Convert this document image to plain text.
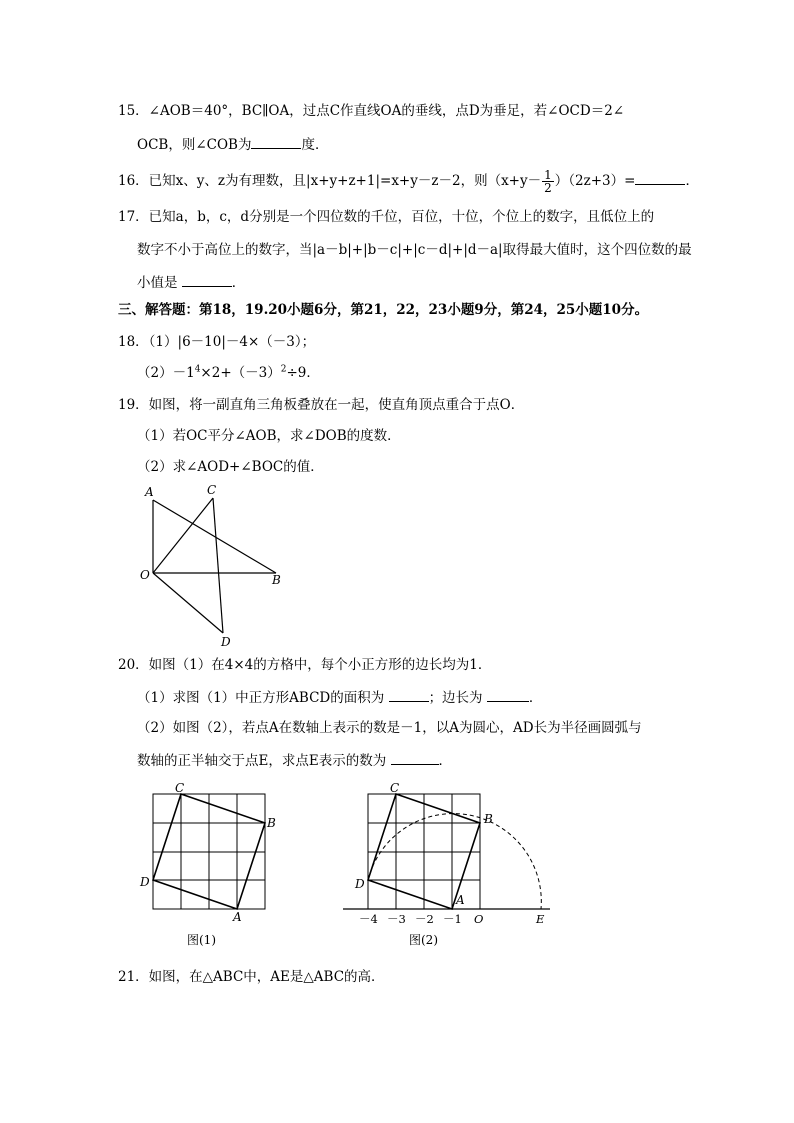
15．∠AOB＝40°，BC∥OA，过点C作直线OA的垂线，点D为垂足，若∠OCD＝2∠
OCB，则∠COB为	度．
16．已知x、y、z为有理数，且|x+y+z+1|=x+y－z－2，则$(x+y- \frac{1}{2} )(2z+3)=$	．
17．已知a，b，c，d分别是一个四位数的千位，百位，十位，个位上的数字，且低位上的
数字不小于高位上的数字，当|a－b|+|b－c|+|c－d|+|d－a|取得最大值时，这个四位数的最
小值是	．
三、解答题：第18，19.20小题6分，第21，22，23小题9分，第24，25小题10分。
18．（1）|6－10|－4×（－3）；
$(2)-1^4\times 2+(-3)^2\div 9$．
19．如图，将一副直角三角板叠放在一起，使直角顶点重合于点O．
（1）若OC平分∠AOB，求∠DOB的度数．
（2）求∠AOD+∠BOC的值．
A	C
O	B
D
20．如图（1）在4×4的方格中，每个小正方形的边长均为1．
（1）求图（1）中正方形ABCD的面积为	；边长为	．
（2）如图（2），若点A在数轴上表示的数是－1，以A为圆心，AD长为半径画圆弧与
数轴的正半轴交于点E，求点E表示的数为	．
C
B
D
A
图(1)
C
B
D
A
－4 －3 －2 －1 O	E
图(2)
21．如图，在△ABC中，AE是△ABC的高．
